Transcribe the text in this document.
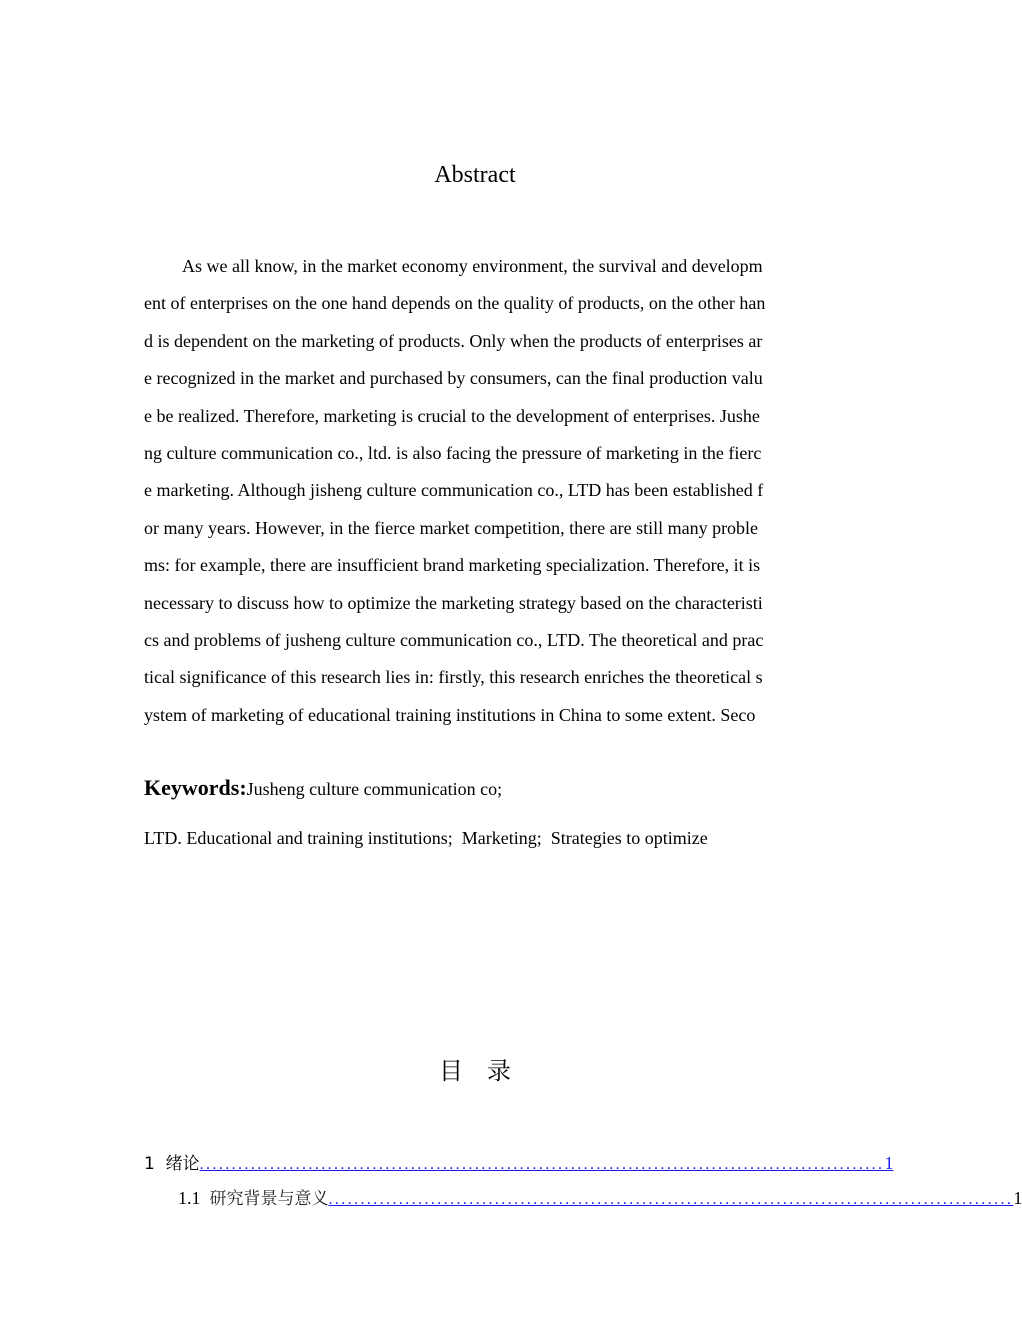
Abstract
As we all know, in the market economy environment, the survival and developm
ent of enterprises on the one hand depends on the quality of products, on the other han
d is dependent on the marketing of products. Only when the products of enterprises ar
e recognized in the market and purchased by consumers, can the final production valu
e be realized. Therefore, marketing is crucial to the development of enterprises. Jushe
ng culture communication co., ltd. is also facing the pressure of marketing in the fierc
e marketing. Although jisheng culture communication co., LTD has been established f
or many years. However, in the fierce market competition, there are still many proble
ms: for example, there are insufficient brand marketing specialization. Therefore, it is
necessary to discuss how to optimize the marketing strategy based on the characteristi
cs and problems of jusheng culture communication co., LTD. The theoretical and prac
tical significance of this research lies in: firstly, this research enriches the theoretical s
ystem of marketing of educational training institutions in China to some extent. Seco
Keywords:Jusheng culture communication co;
LTD. Educational and training institutions;  Marketing;  Strategies to optimize
目 录
1 绪论 ........................................................................................................... 1
1.1 研究背景与意义 ........................................................................................................... 1
